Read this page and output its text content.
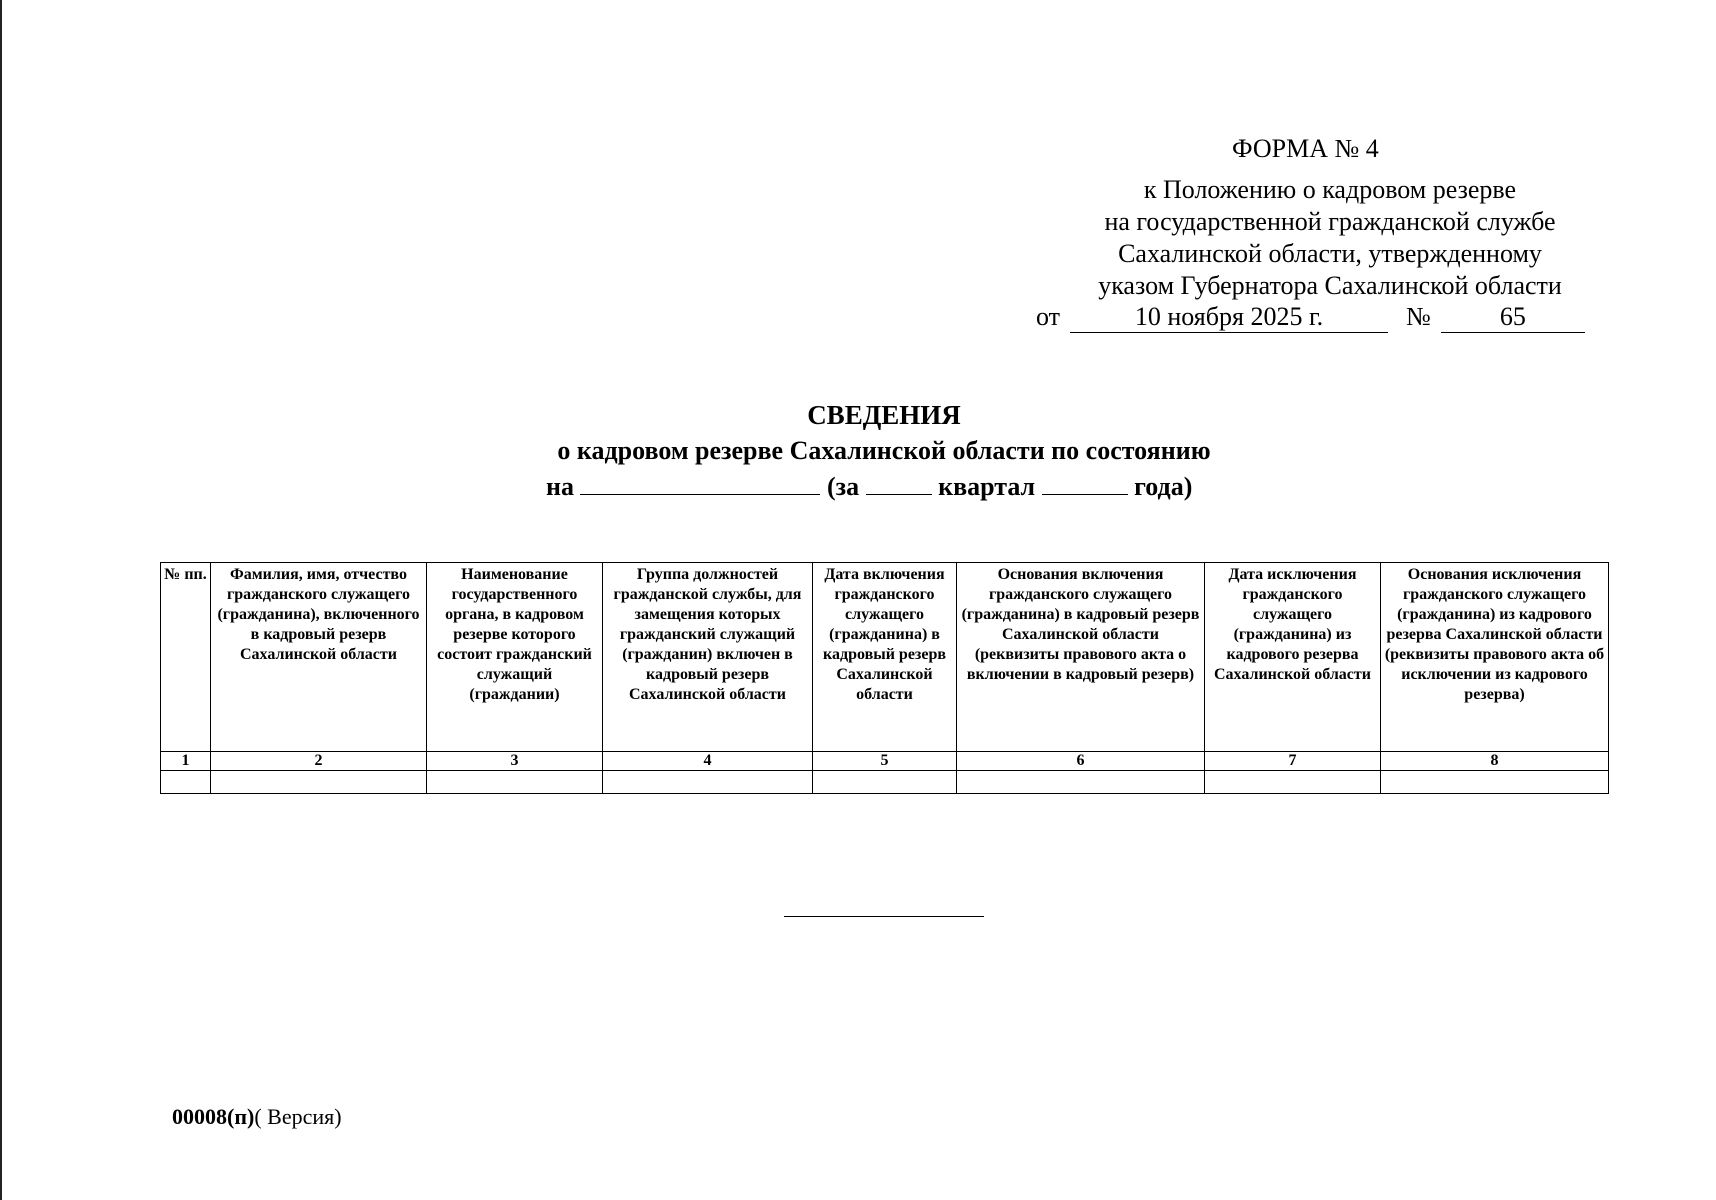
ФОРМА № 4
к Положению о кадровом резерве
на государственной гражданской службе
Сахалинской области, утвержденному
указом Губернатора Сахалинской области
от	10 ноября 2025 г.	№	65
СВЕДЕНИЯ
о кадровом резерве Сахалинской области по состоянию
на	(за	квартал	года)
№ пп.	Фамилия, имя, отчество гражданского служащего (гражданина), включенного в кадровый резерв Сахалинской области	Наименование государственного органа, в кадровом резерве которого состоит гражданский служащий (граждании)	Группа должностей гражданской службы, для замещения которых гражданский служащий (гражданин) включен в кадровый резерв Сахалинской области	Дата включения гражданского служащего (гражданина) в кадровый резерв Сахалинской области	Основания включения гражданского служащего (гражданина) в кадровый резерв Сахалинской области (реквизиты правового акта о включении в кадровый резерв)	Дата исключения гражданского служащего (гражданина) из кадрового резерва Сахалинской области	Основания исключения гражданского служащего (гражданина) из кадрового резерва Сахалинской области (реквизиты правового акта об исключении из кадрового резерва)
1	2	3	4	5	6	7	8

00008(п)( Версия)
